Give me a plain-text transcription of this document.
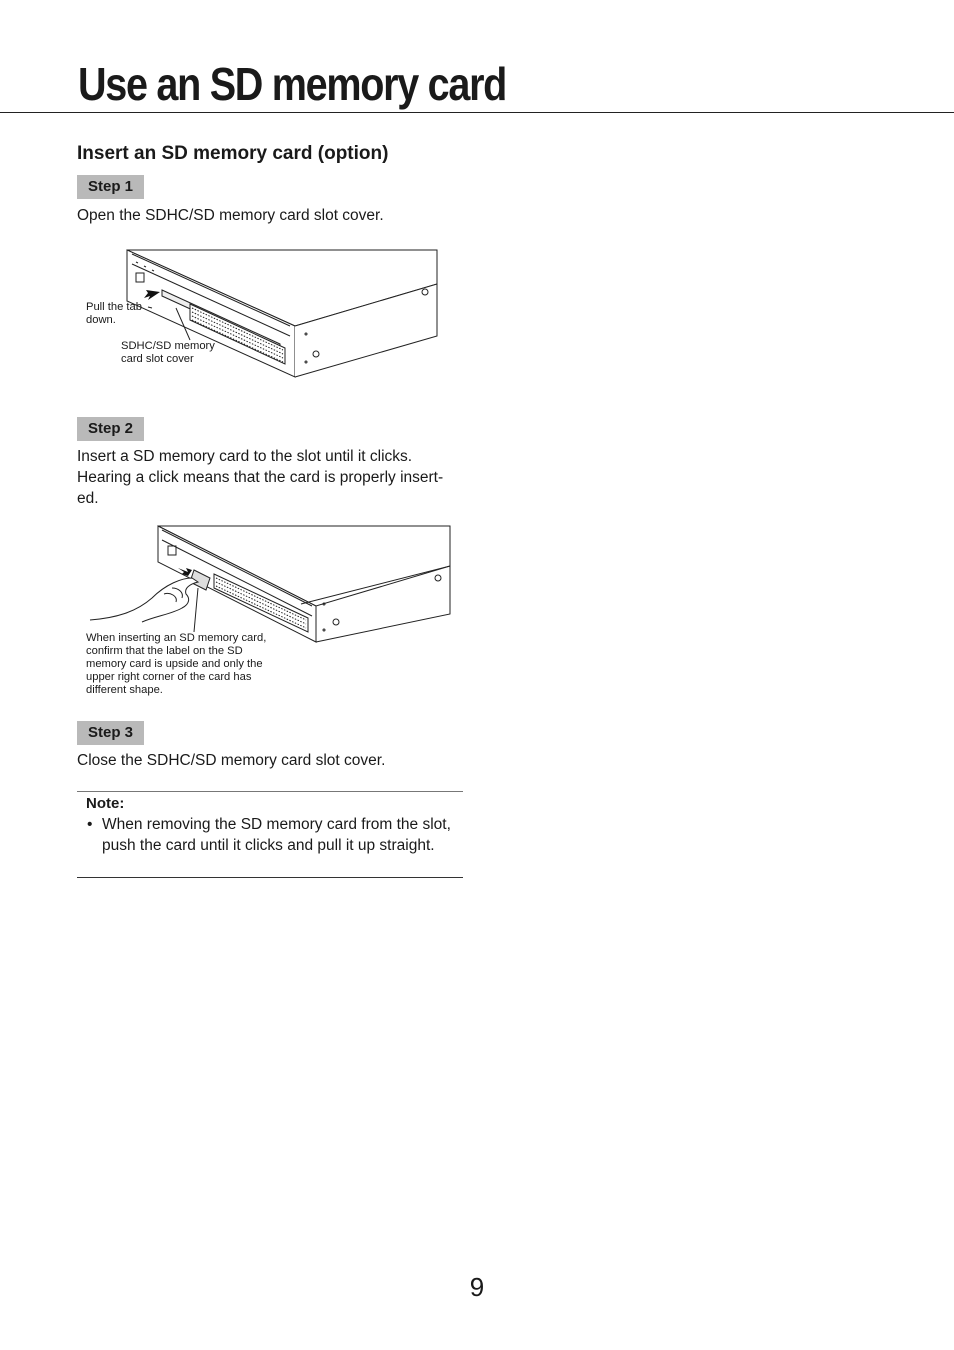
Use an SD memory card
Insert an SD memory card (option)
Step 1

Open the SDHC/SD memory card slot cover.

Pull the tab down.
SDHC/SD memory card slot cover
Step 2

Insert a SD memory card to the slot until it clicks. Hearing a click means that the card is properly insert-ed.

When inserting an SD memory card, confirm that the label on the SD memory card is upside and only the upper right corner of the card has different shape.
Step 3

Close the SDHC/SD memory card slot cover.

Note:
• When removing the SD memory card from the slot, push the card until it clicks and pull it up straight.
9
